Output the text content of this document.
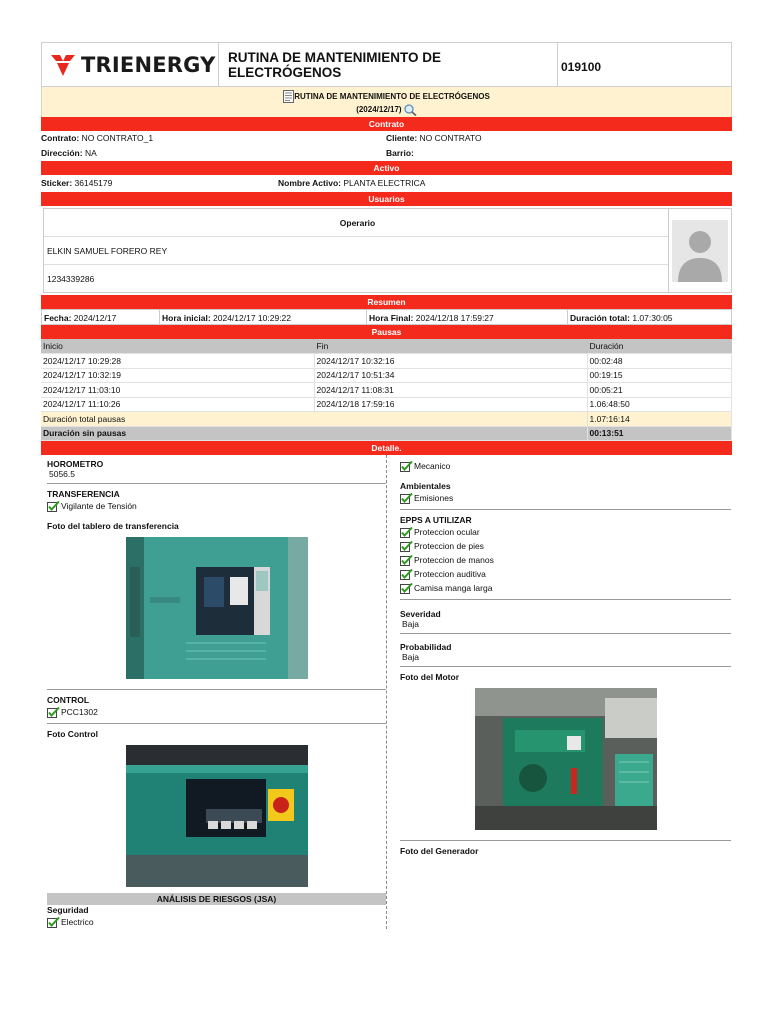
TRIENERGY RUTINA DE MANTENIMIENTO DE ELECTRÓGENOS	019100
RUTINA DE MANTENIMIENTO DE ELECTRÓGENOS
(2024/12/17)
Contrato
Contrato: NO CONTRATO_1	Cliente: NO CONTRATO
Dirección: NA	Barrio:
Activo
Sticker: 36145179	Nombre Activo: PLANTA ELECTRICA
Usuarios
Operario
ELKIN SAMUEL FORERO REY
1234339286
Resumen
Fecha: 2024/12/17	Hora inicial: 2024/12/17 10:29:22	Hora Final: 2024/12/18 17:59:27	Duración total: 1.07:30:05
Pausas
Inicio	Fin	Duración
2024/12/17 10:29:28	2024/12/17 10:32:16	00:02:48
2024/12/17 10:32:19	2024/12/17 10:51:34	00:19:15
2024/12/17 11:03:10	2024/12/17 11:08:31	00:05:21
2024/12/17 11:10:26	2024/12/18 17:59:16	1.06:48:50
Duración total pausas		1.07:16:14
Duración sin pausas		00:13:51
Detalle.
HOROMETRO
5056.5
TRANSFERENCIA
Vigilante de Tensión
Foto del tablero de transferencia
CONTROL
PCC1302
Foto Control
ANÁLISIS DE RIESGOS (JSA)
Seguridad
Electrico
Mecanico
Ambientales
Emisiones
EPPS A UTILIZAR
Proteccion ocular
Proteccion de pies
Proteccion de manos
Proteccion auditiva
Camisa manga larga
Severidad
Baja
Probabilidad
Baja
Foto del Motor
Foto del Generador
